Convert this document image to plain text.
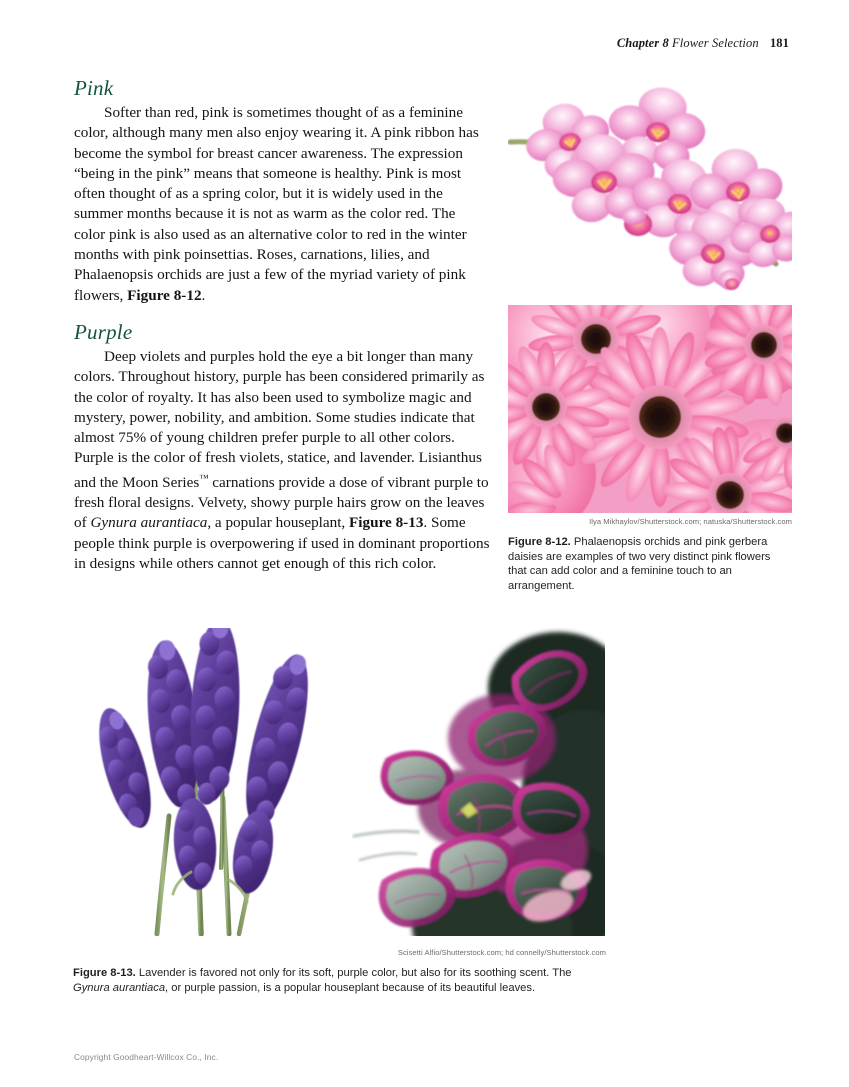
Chapter 8 Flower Selection 181
Pink

Softer than red, pink is sometimes thought of as a feminine color, although many men also enjoy wearing it. A pink ribbon has become the symbol for breast cancer awareness. The expression “being in the pink” means that someone is healthy. Pink is most often thought of as a spring color, but it is widely used in the summer months because it is not as warm as the color red. The color pink is also used as an alternative color to red in the winter months with pink poinsettias. Roses, carnations, lilies, and Phalaenopsis orchids are just a few of the myriad variety of pink flowers, Figure 8-12.

Purple

Deep violets and purples hold the eye a bit longer than many colors. Throughout history, purple has been considered primarily as the color of royalty. It has also been used to symbolize magic and mystery, power, nobility, and ambition. Some studies indicate that almost 75% of young children prefer purple to all other colors. Purple is the color of fresh violets, statice, and lavender. Lisianthus and the Moon Series™ carnations provide a dose of vibrant purple to fresh floral designs. Velvety, showy purple hairs grow on the leaves of Gynura aurantiaca, a popular houseplant, Figure 8-13. Some people think purple is overpowering if used in dominant proportions in designs while others cannot get enough of this rich color.

Ilya Mikhaylov/Shutterstock.com; natuska/Shutterstock.com
Figure 8-12. Phalaenopsis orchids and pink gerbera daisies are examples of two very distinct pink flowers that can add color and a feminine touch to an arrangement.
Scisetti Alfio/Shutterstock.com; hd connelly/Shutterstock.com
Figure 8-13. Lavender is favored not only for its soft, purple color, but also for its soothing scent. The Gynura aurantiaca, or purple passion, is a popular houseplant because of its beautiful leaves.
Copyright Goodheart-Willcox Co., Inc.
